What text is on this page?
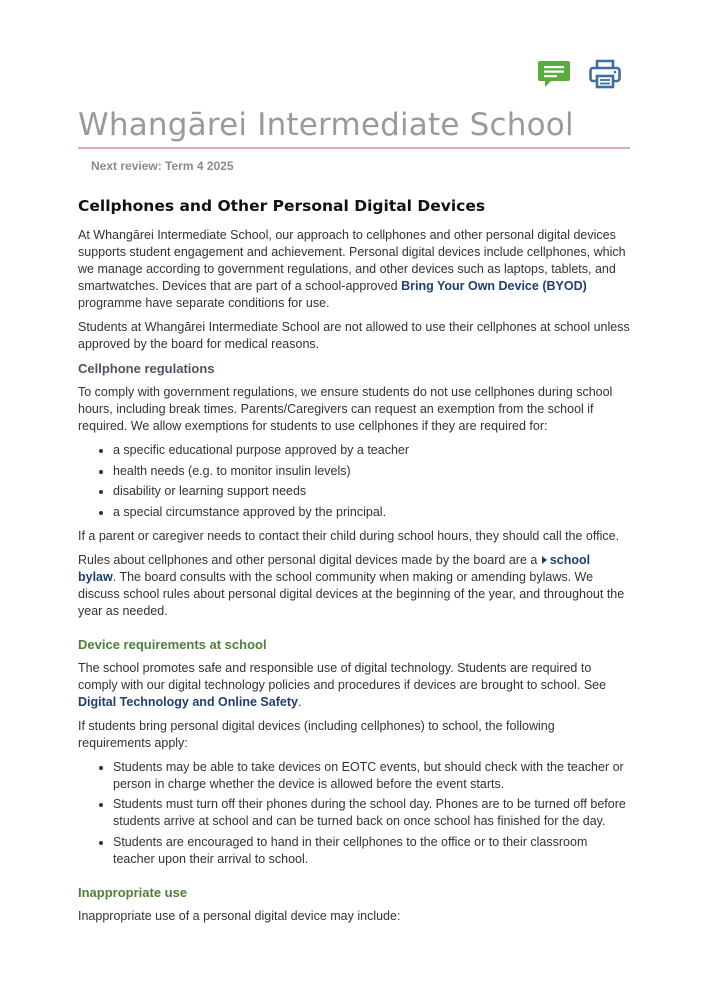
Whangārei Intermediate School
Next review: Term 4 2025
Cellphones and Other Personal Digital Devices

At Whangārei Intermediate School, our approach to cellphones and other personal digital devices supports student engagement and achievement. Personal digital devices include cellphones, which we manage according to government regulations, and other devices such as laptops, tablets, and smartwatches. Devices that are part of a school-approved Bring Your Own Device (BYOD) programme have separate conditions for use.

Students at Whangārei Intermediate School are not allowed to use their cellphones at school unless approved by the board for medical reasons.

Cellphone regulations

To comply with government regulations, we ensure students do not use cellphones during school hours, including break times. Parents/Caregivers can request an exemption from the school if required. We allow exemptions for students to use cellphones if they are required for:

• a specific educational purpose approved by a teacher
• health needs (e.g. to monitor insulin levels)
• disability or learning support needs
• a special circumstance approved by the principal.

If a parent or caregiver needs to contact their child during school hours, they should call the office.

Rules about cellphones and other personal digital devices made by the board are a school bylaw. The board consults with the school community when making or amending bylaws. We discuss school rules about personal digital devices at the beginning of the year, and throughout the year as needed.

Device requirements at school

The school promotes safe and responsible use of digital technology. Students are required to comply with our digital technology policies and procedures if devices are brought to school. See Digital Technology and Online Safety.

If students bring personal digital devices (including cellphones) to school, the following requirements apply:

• Students may be able to take devices on EOTC events, but should check with the teacher or person in charge whether the device is allowed before the event starts.
• Students must turn off their phones during the school day. Phones are to be turned off before students arrive at school and can be turned back on once school has finished for the day.
• Students are encouraged to hand in their cellphones to the office or to their classroom teacher upon their arrival to school.
Inappropriate use

Inappropriate use of a personal digital device may include:
